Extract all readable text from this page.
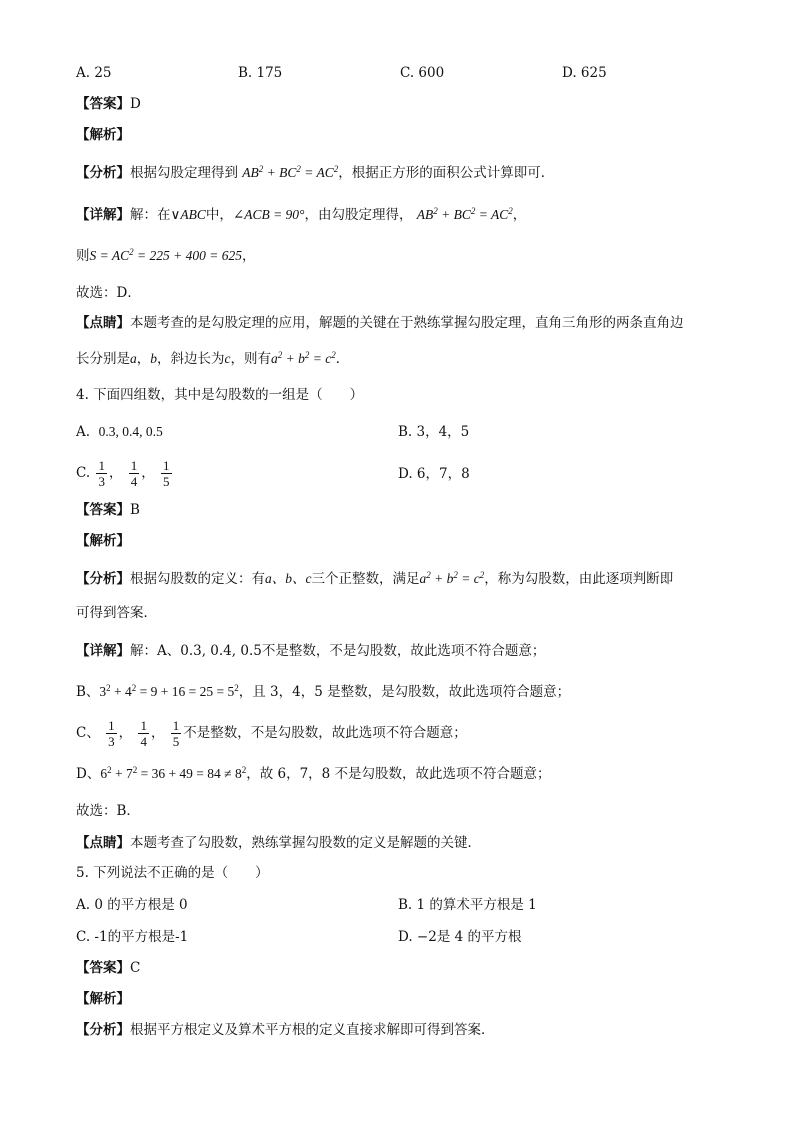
A. 25	B. 175	C. 600	D. 625
【答案】D
【解析】
【分析】根据勾股定理得到 $AB^2 + BC^2 = AC^2$，根据正方形的面积公式计算即可．
【详解】解：在∨ABC中，∠ACB = 90°，由勾股定理得， $AB^2 + BC^2 = AC^2$，
则$S = AC^2 = 225 + 400 = 625$，
故选：D．
【点睛】本题考查的是勾股定理的应用，解题的关键在于熟练掌握勾股定理，直角三角形的两条直角边
长分别是a，b，斜边长为c，则有$a^2 + b^2 = c^2$．
4. 下面四组数，其中是勾股数的一组是（　　）
A. 0.3, 0.4, 0.5	B. 3，4，5
C. $\frac{1}{3}$ ， $\frac{1}{4}$ ， $\frac{1}{5}$	D. 6，7，8
【答案】B
【解析】
【分析】根据勾股数的定义：有a、b、c三个正整数，满足$a^2 + b^2 = c^2$，称为勾股数，由此逐项判断即
可得到答案．
【详解】解：A、0.3, 0.4, 0.5不是整数，不是勾股数，故此选项不符合题意；
B、$3^2 + 4^2 = 9 + 16 = 25 = 5^2$，且 3，4，5 是整数，是勾股数，故此选项符合题意；
C、 $\frac{1}{3}$ ， $\frac{1}{4}$ ， $\frac{1}{5}$ 不是整数，不是勾股数，故此选项不符合题意；
D、$6^2 + 7^2 = 36 + 49 = 84 \ne 8^2$，故 6，7，8 不是勾股数，故此选项不符合题意；
故选：B．
【点睛】本题考查了勾股数，熟练掌握勾股数的定义是解题的关键．
5. 下列说法不正确的是（　　）
A. 0 的平方根是 0	B. 1 的算术平方根是 1
C. -1的平方根是-1	D. −2是 4 的平方根
【答案】C
【解析】
【分析】根据平方根定义及算术平方根的定义直接求解即可得到答案．
